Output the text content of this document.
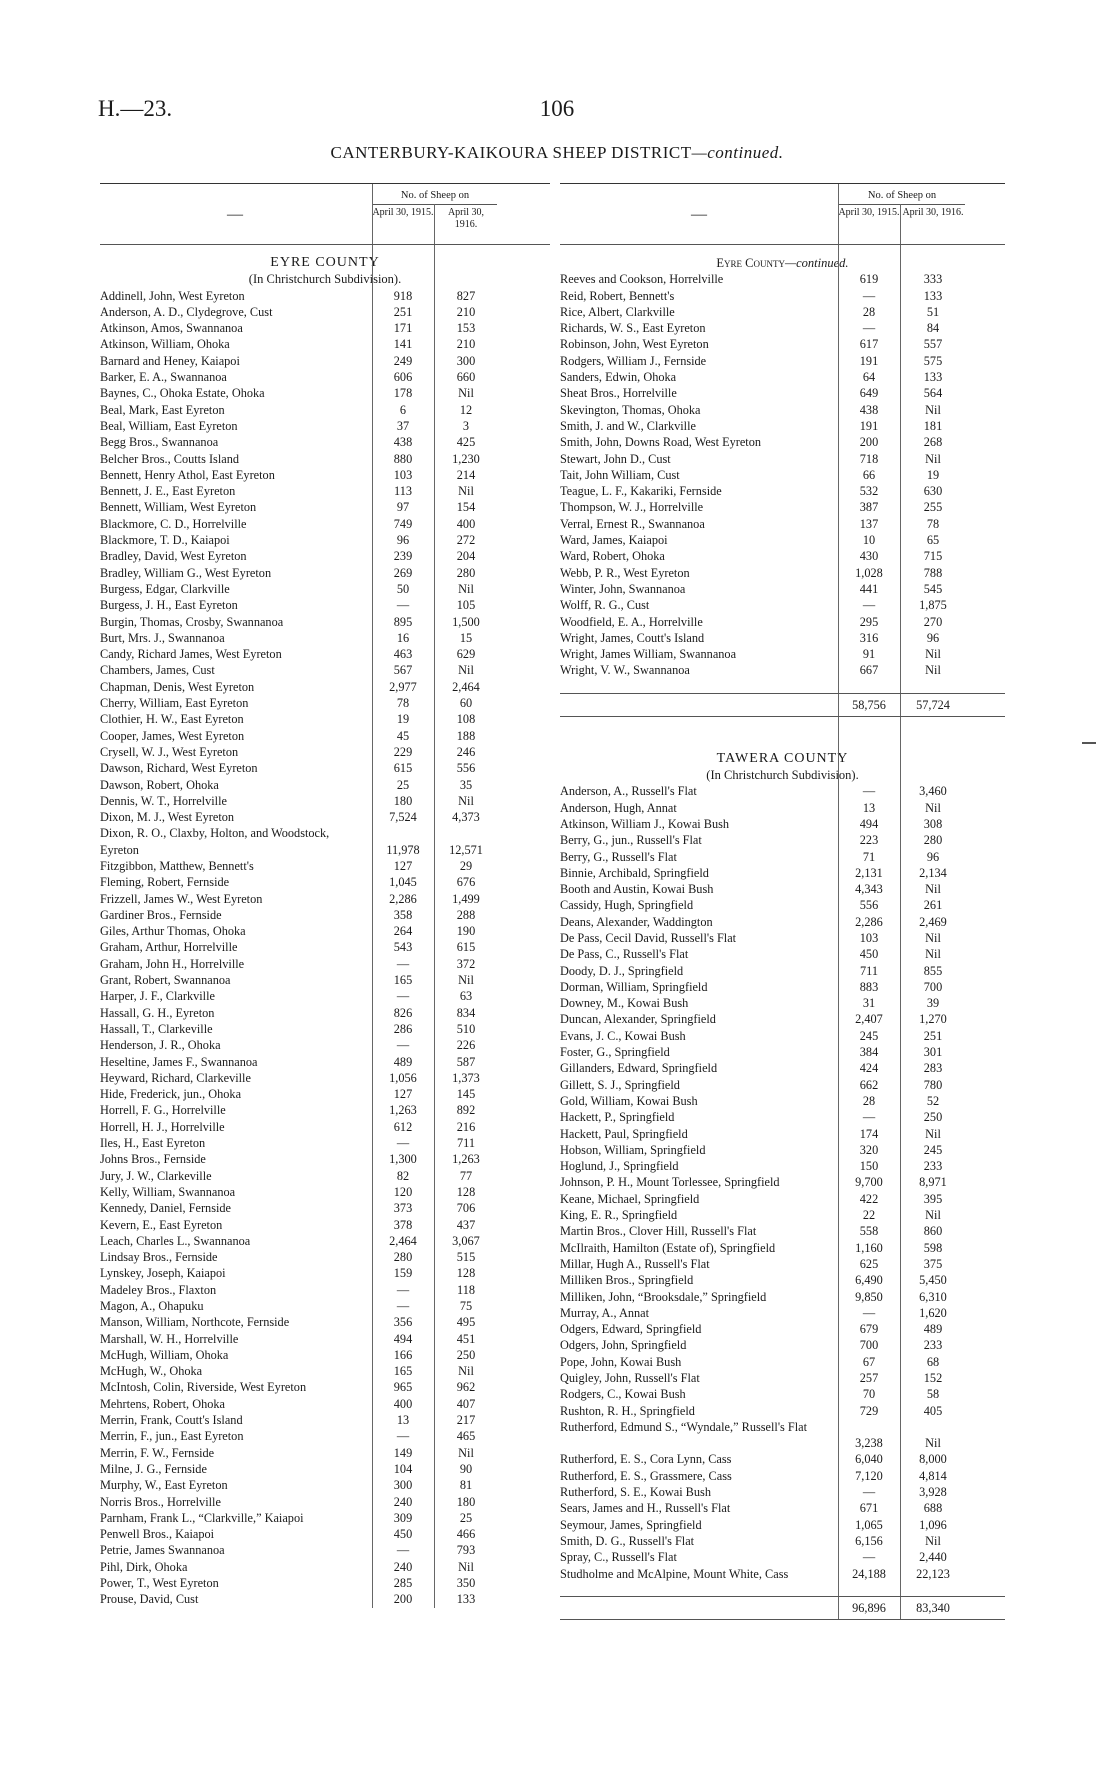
H.—23.	106
CANTERBURY-KAIKOURA SHEEP DISTRICT—continued.
—
No. of Sheep on
April 30, 1915.	April 30, 1916.
EYRE COUNTY
(In Christchurch Subdivision).
Addinell, John, West Eyreton	918	827
Anderson, A. D., Clydegrove, Cust	251	210
Atkinson, Amos, Swannanoa	171	153
Atkinson, William, Ohoka	141	210
Barnard and Heney, Kaiapoi	249	300
Barker, E. A., Swannanoa	606	660
Baynes, C., Ohoka Estate, Ohoka	178	Nil
Beal, Mark, East Eyreton	6	12
Beal, William, East Eyreton	37	3
Begg Bros., Swannanoa	438	425
Belcher Bros., Coutts Island	880	1,230
Bennett, Henry Athol, East Eyreton	103	214
Bennett, J. E., East Eyreton	113	Nil
Bennett, William, West Eyreton	97	154
Blackmore, C. D., Horrelville	749	400
Blackmore, T. D., Kaiapoi	96	272
Bradley, David, West Eyreton	239	204
Bradley, William G., West Eyreton	269	280
Burgess, Edgar, Clarkville	50	Nil
Burgess, J. H., East Eyreton	—	105
Burgin, Thomas, Crosby, Swannanoa	895	1,500
Burt, Mrs. J., Swannanoa	16	15
Candy, Richard James, West Eyreton	463	629
Chambers, James, Cust	567	Nil
Chapman, Denis, West Eyreton	2,977	2,464
Cherry, William, East Eyreton	78	60
Clothier, H. W., East Eyreton	19	108
Cooper, James, West Eyreton	45	188
Crysell, W. J., West Eyreton	229	246
Dawson, Richard, West Eyreton	615	556
Dawson, Robert, Ohoka	25	35
Dennis, W. T., Horrelville	180	Nil
Dixon, M. J., West Eyreton	7,524	4,373
Dixon, R. O., Claxby, Holton, and Woodstock, Eyreton	11,978	12,571
Fitzgibbon, Matthew, Bennett's	127	29
Fleming, Robert, Fernside	1,045	676
Frizzell, James W., West Eyreton	2,286	1,499
Gardiner Bros., Fernside	358	288
Giles, Arthur Thomas, Ohoka	264	190
Graham, Arthur, Horrelville	543	615
Graham, John H., Horrelville	—	372
Grant, Robert, Swannanoa	165	Nil
Harper, J. F., Clarkville	—	63
Hassall, G. H., Eyreton	826	834
Hassall, T., Clarkeville	286	510
Henderson, J. R., Ohoka	—	226
Heseltine, James F., Swannanoa	489	587
Heyward, Richard, Clarkeville	1,056	1,373
Hide, Frederick, jun., Ohoka	127	145
Horrell, F. G., Horrelville	1,263	892
Horrell, H. J., Horrelville	612	216
Iles, H., East Eyreton	—	711
Johns Bros., Fernside	1,300	1,263
Jury, J. W., Clarkeville	82	77
Kelly, William, Swannanoa	120	128
Kennedy, Daniel, Fernside	373	706
Kevern, E., East Eyreton	378	437
Leach, Charles L., Swannanoa	2,464	3,067
Lindsay Bros., Fernside	280	515
Lynskey, Joseph, Kaiapoi	159	128
Madeley Bros., Flaxton	—	118
Magon, A., Ohapuku	—	75
Manson, William, Northcote, Fernside	356	495
Marshall, W. H., Horrelville	494	451
McHugh, William, Ohoka	166	250
McHugh, W., Ohoka	165	Nil
McIntosh, Colin, Riverside, West Eyreton	965	962
Mehrtens, Robert, Ohoka	400	407
Merrin, Frank, Coutt's Island	13	217
Merrin, F., jun., East Eyreton	—	465
Merrin, F. W., Fernside	149	Nil
Milne, J. G., Fernside	104	90
Murphy, W., East Eyreton	300	81
Norris Bros., Horrelville	240	180
Parnham, Frank L., “Clarkville,” Kaiapoi	309	25
Penwell Bros., Kaiapoi	450	466
Petrie, James Swannanoa	—	793
Pihl, Dirk, Ohoka	240	Nil
Power, T., West Eyreton	285	350
Prouse, David, Cust	200	133
—
No. of Sheep on
April 30, 1915. April 30, 1916.
Eyre County—continued.
Reeves and Cookson, Horrelville	619	333
Reid, Robert, Bennett's	—	133
Rice, Albert, Clarkville	28	51
Richards, W. S., East Eyreton	—	84
Robinson, John, West Eyreton	617	557
Rodgers, William J., Fernside	191	575
Sanders, Edwin, Ohoka	64	133
Sheat Bros., Horrelville	649	564
Skevington, Thomas, Ohoka	438	Nil
Smith, J. and W., Clarkville	191	181
Smith, John, Downs Road, West Eyreton	200	268
Stewart, John D., Cust	718	Nil
Tait, John William, Cust	66	19
Teague, L. F., Kakariki, Fernside	532	630
Thompson, W. J., Horrelville	387	255
Verral, Ernest R., Swannanoa	137	78
Ward, James, Kaiapoi	10	65
Ward, Robert, Ohoka	430	715
Webb, P. R., West Eyreton	1,028	788
Winter, John, Swannanoa	441	545
Wolff, R. G., Cust	—	1,875
Woodfield, E. A., Horrelville	295	270
Wright, James, Coutt's Island	316	96
Wright, James William, Swannanoa	91	Nil
Wright, V. W., Swannanoa	667	Nil
58,756	57,724
TAWERA COUNTY
(In Christchurch Subdivision).
Anderson, A., Russell's Flat	—	3,460
Anderson, Hugh, Annat	13	Nil
Atkinson, William J., Kowai Bush	494	308
Berry, G., jun., Russell's Flat	223	280
Berry, G., Russell's Flat	71	96
Binnie, Archibald, Springfield	2,131	2,134
Booth and Austin, Kowai Bush	4,343	Nil
Cassidy, Hugh, Springfield	556	261
Deans, Alexander, Waddington	2,286	2,469
De Pass, Cecil David, Russell's Flat	103	Nil
De Pass, C., Russell's Flat	450	Nil
Doody, D. J., Springfield	711	855
Dorman, William, Springfield	883	700
Downey, M., Kowai Bush	31	39
Duncan, Alexander, Springfield	2,407	1,270
Evans, J. C., Kowai Bush	245	251
Foster, G., Springfield	384	301
Gillanders, Edward, Springfield	424	283
Gillett, S. J., Springfield	662	780
Gold, William, Kowai Bush	28	52
Hackett, P., Springfield	—	250
Hackett, Paul, Springfield	174	Nil
Hobson, William, Springfield	320	245
Hoglund, J., Springfield	150	233
Johnson, P. H., Mount Torlessee, Springfield	9,700	8,971
Keane, Michael, Springfield	422	395
King, E. R., Springfield	22	Nil
Martin Bros., Clover Hill, Russell's Flat	558	860
McIlraith, Hamilton (Estate of), Springfield	1,160	598
Millar, Hugh A., Russell's Flat	625	375
Milliken Bros., Springfield	6,490	5,450
Milliken, John, “Brooksdale,” Springfield	9,850	6,310
Murray, A., Annat	—	1,620
Odgers, Edward, Springfield	679	489
Odgers, John, Springfield	700	233
Pope, John, Kowai Bush	67	68
Quigley, John, Russell's Flat	257	152
Rodgers, C., Kowai Bush	70	58
Rushton, R. H., Springfield	729	405
Rutherford, Edmund S., “Wyndale,” Russell's Flat
3,238	Nil
Rutherford, E. S., Cora Lynn, Cass	6,040	8,000
Rutherford, E. S., Grassmere, Cass	7,120	4,814
Rutherford, S. E., Kowai Bush	—	3,928
Sears, James and H., Russell's Flat	671	688
Seymour, James, Springfield	1,065	1,096
Smith, D. G., Russell's Flat	6,156	Nil
Spray, C., Russell's Flat	—	2,440
Studholme and McAlpine, Mount White, Cass	24,188	22,123
96,896	83,340
